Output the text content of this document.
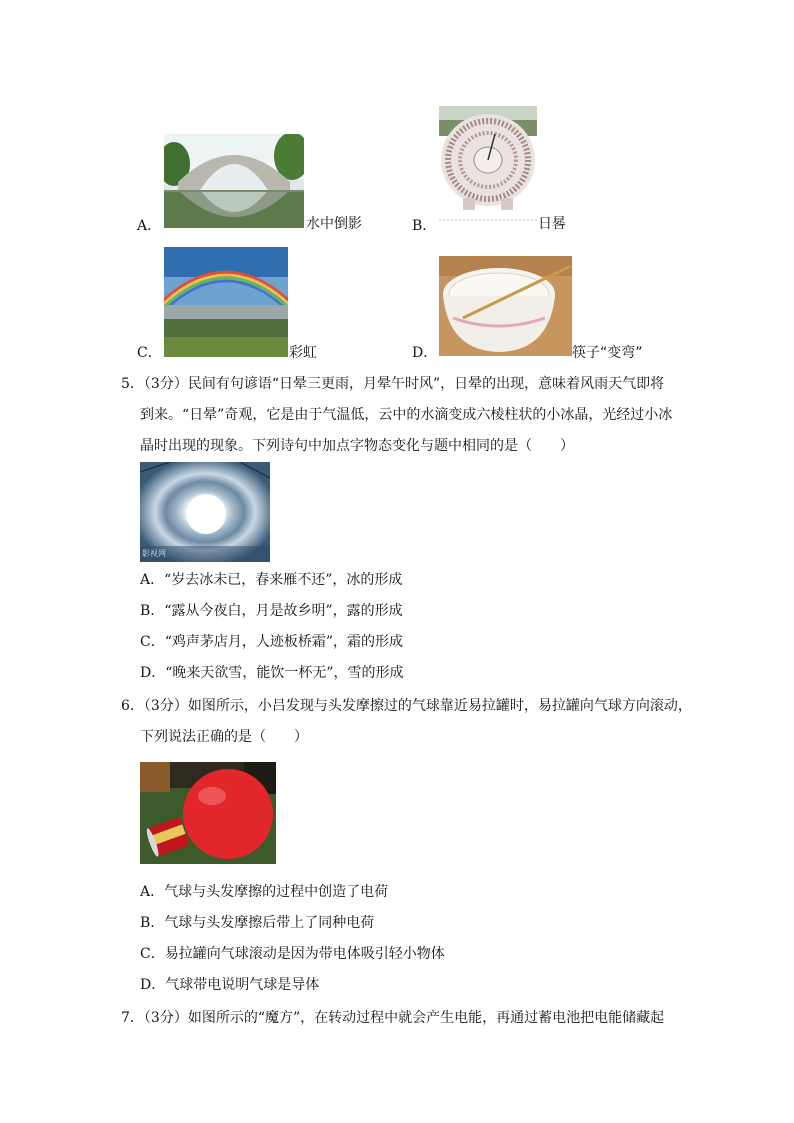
A．	水中倒影	B．	日晷
C．	彩虹	D．	筷子“变弯”
5．（3分）民间有句谚语“日晕三更雨，月晕午时风”，日晕的出现，意味着风雨天气即将
到来。“日晕”奇观，它是由于气温低，云中的水滴变成六棱柱状的小冰晶，光经过小冰
晶时出现的现象。下列诗句中加点字物态变化与题中相同的是（　　）
影视网
A．“岁去冰未已，春来雁不还”，冰的形成
B．“露从今夜白，月是故乡明”，露的形成
C．“鸡声茅店月，人迹板桥霜”，霜的形成
D．“晚来天欲雪，能饮一杯无”，雪的形成
6．（3分）如图所示，小吕发现与头发摩擦过的气球靠近易拉罐时，易拉罐向气球方向滚动，
下列说法正确的是（　　）
A．气球与头发摩擦的过程中创造了电荷
B．气球与头发摩擦后带上了同种电荷
C．易拉罐向气球滚动是因为带电体吸引轻小物体
D．气球带电说明气球是导体
7．（3分）如图所示的“魔方”，在转动过程中就会产生电能，再通过蓄电池把电能储藏起
